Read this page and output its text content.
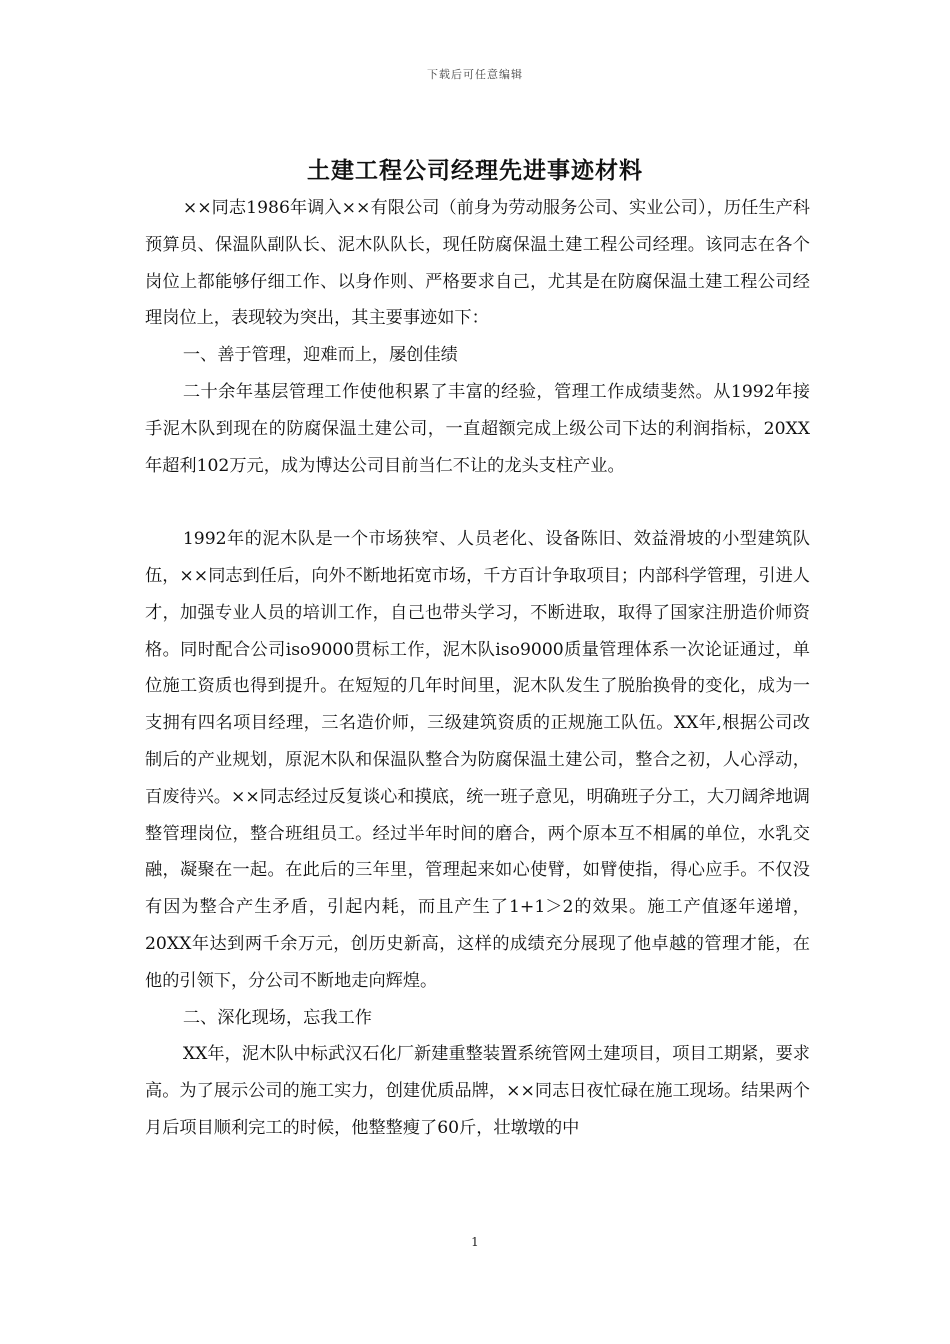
下载后可任意编辑
土建工程公司经理先进事迹材料

××同志1986年调入××有限公司（前身为劳动服务公司、实业公司），历任生产科预算员、保温队副队长、泥木队队长，现任防腐保温土建工程公司经理。该同志在各个岗位上都能够仔细工作、以身作则、严格要求自己，尤其是在防腐保温土建工程公司经理岗位上，表现较为突出，其主要事迹如下：

一、善于管理，迎难而上，屡创佳绩

二十余年基层管理工作使他积累了丰富的经验，管理工作成绩斐然。从1992年接手泥木队到现在的防腐保温土建公司，一直超额完成上级公司下达的利润指标，20XX年超利102万元，成为博达公司目前当仁不让的龙头支柱产业。

1992年的泥木队是一个市场狭窄、人员老化、设备陈旧、效益滑坡的小型建筑队伍，××同志到任后，向外不断地拓宽市场，千方百计争取项目；内部科学管理，引进人才，加强专业人员的培训工作，自己也带头学习，不断进取，取得了国家注册造价师资格。同时配合公司iso9000贯标工作，泥木队iso9000质量管理体系一次论证通过，单位施工资质也得到提升。在短短的几年时间里，泥木队发生了脱胎换骨的变化，成为一支拥有四名项目经理，三名造价师，三级建筑资质的正规施工队伍。XX年,根据公司改制后的产业规划，原泥木队和保温队整合为防腐保温土建公司，整合之初，人心浮动，百废待兴。××同志经过反复谈心和摸底，统一班子意见，明确班子分工，大刀阔斧地调整管理岗位，整合班组员工。经过半年时间的磨合，两个原本互不相属的单位，水乳交融，凝聚在一起。在此后的三年里，管理起来如心使臂，如臂使指，得心应手。不仅没有因为整合产生矛盾，引起内耗，而且产生了1+1＞2的效果。施工产值逐年递增，20XX年达到两千余万元，创历史新高，这样的成绩充分展现了他卓越的管理才能，在他的引领下，分公司不断地走向辉煌。

二、深化现场，忘我工作

XX年，泥木队中标武汉石化厂新建重整装置系统管网土建项目，项目工期紧，要求高。为了展示公司的施工实力，创建优质品牌，××同志日夜忙碌在施工现场。结果两个月后项目顺利完工的时候，他整整瘦了60斤，壮墩墩的中

1
